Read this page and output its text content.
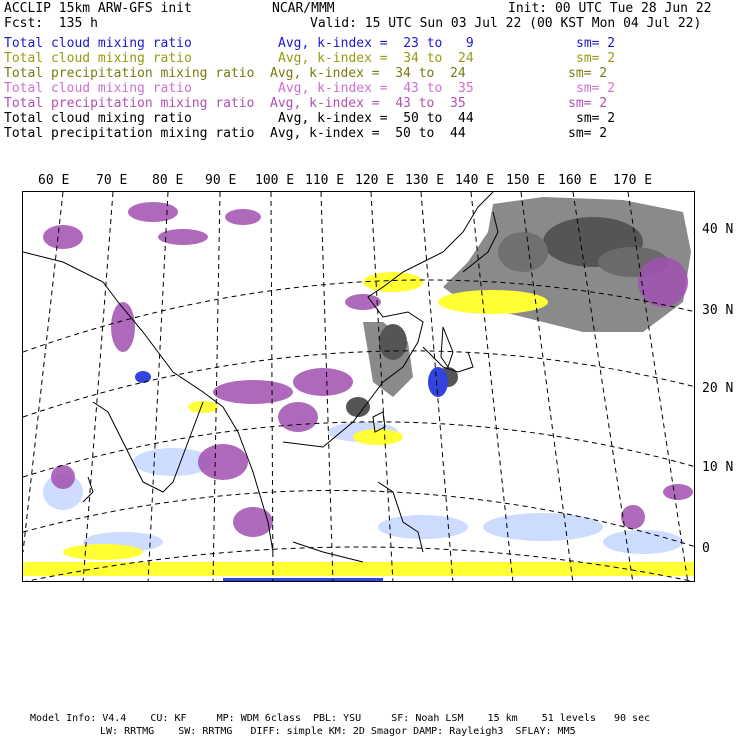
ACCLIP 15km ARW-GFS init	NCAR/MMM	Init: 00 UTC Tue 28 Jun 22
Fcst:  135 h	Valid: 15 UTC Sun 03 Jul 22 (00 KST Mon 04 Jul 22)
Total cloud mixing ratio	Avg, k-index =  23 to   9	sm= 2
Total cloud mixing ratio	Avg, k-index =  34 to  24	sm= 2
Total precipitation mixing ratio Avg, k-index =  34 to  24	sm= 2
Total cloud mixing ratio	Avg, k-index =  43 to  35	sm= 2
Total precipitation mixing ratio Avg, k-index =  43 to  35	sm= 2
Total cloud mixing ratio	Avg, k-index =  50 to  44	sm= 2
Total precipitation mixing ratio Avg, k-index =  50 to  44	sm= 2
60 E 70 E 80 E 90 E 100 E 110 E 120 E 130 E 140 E 150 E 160 E 170 E
40 N
30 N
20 N
10 N
0
Model Info: V4.4    CU: KF     MP: WDM 6class  PBL: YSU     SF: Noah LSM    15 km    51 levels   90 sec
LW: RRTMG    SW: RRTMG   DIFF: simple KM: 2D Smagor DAMP: Rayleigh3  SFLAY: MM5
